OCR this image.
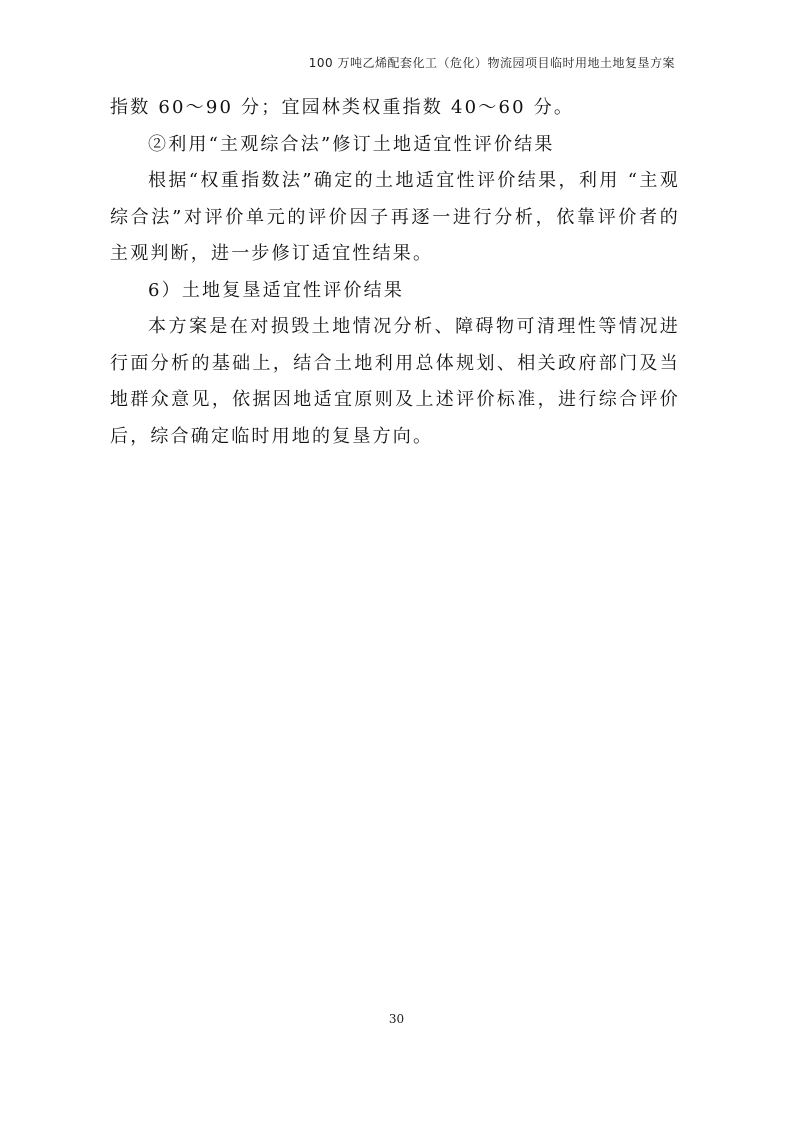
100 万吨乙烯配套化工（危化）物流园项目临时用地土地复垦方案

指数 60～90 分；宜园林类权重指数 40～60 分。

②利用“主观综合法”修订土地适宜性评价结果

根据“权重指数法”确定的土地适宜性评价结果，利用 “主观综合法”对评价单元的评价因子再逐一进行分析，依靠评价者的主观判断，进一步修订适宜性结果。

6）土地复垦适宜性评价结果

本方案是在对损毁土地情况分析、障碍物可清理性等情况进行面分析的基础上，结合土地利用总体规划、相关政府部门及当地群众意见，依据因地适宜原则及上述评价标准，进行综合评价后，综合确定临时用地的复垦方向。

30
